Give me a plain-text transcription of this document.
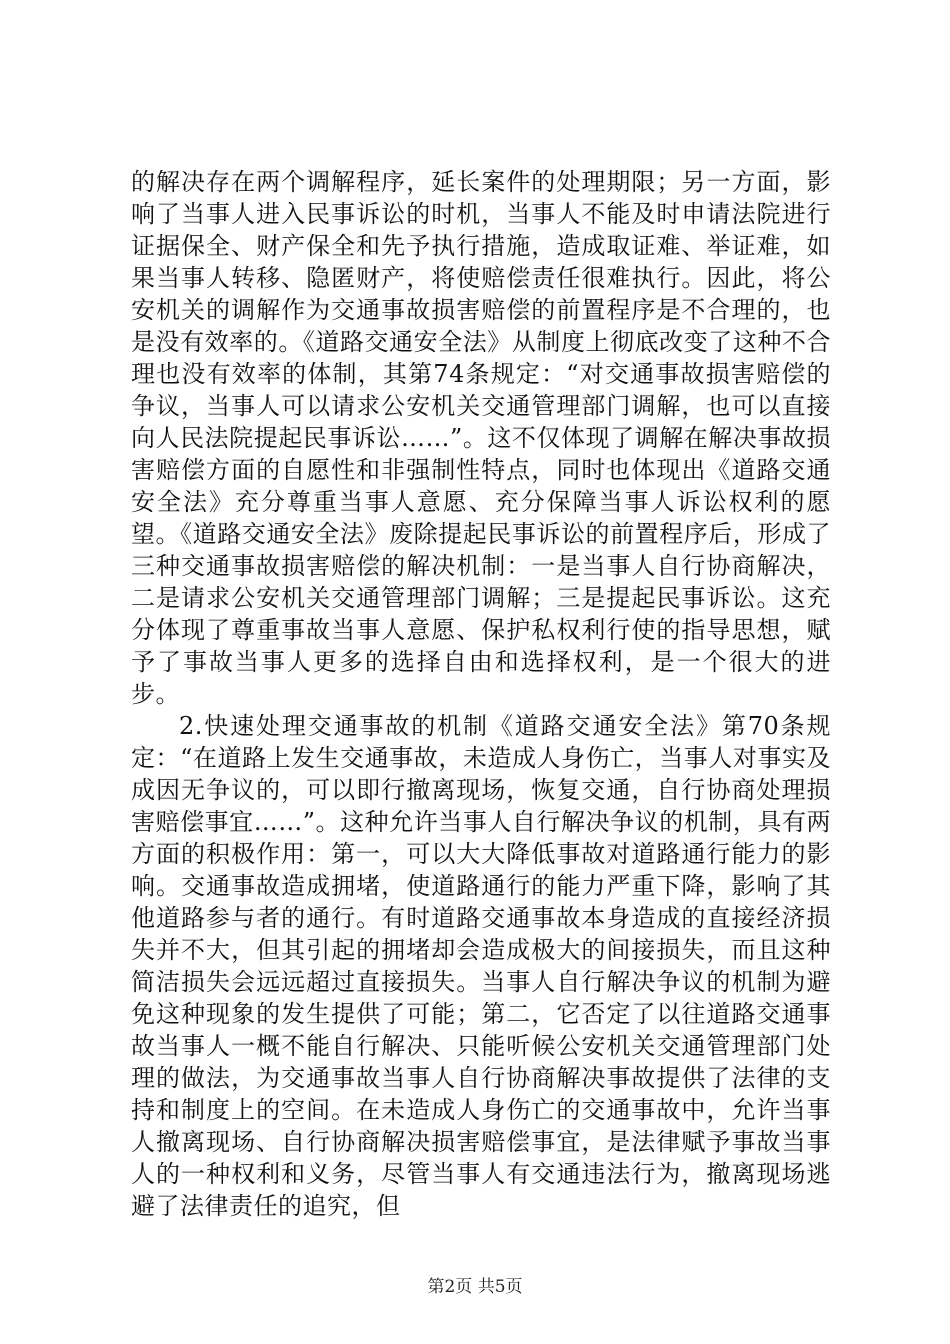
的解决存在两个调解程序，延长案件的处理期限；另一方面，影响了当事人进入民事诉讼的时机，当事人不能及时申请法院进行证据保全、财产保全和先予执行措施，造成取证难、举证难，如果当事人转移、隐匿财产，将使赔偿责任很难执行。因此，将公安机关的调解作为交通事故损害赔偿的前置程序是不合理的，也是没有效率的。《道路交通安全法》从制度上彻底改变了这种不合理也没有效率的体制，其第74条规定：“对交通事故损害赔偿的争议，当事人可以请求公安机关交通管理部门调解，也可以直接向人民法院提起民事诉讼……”。这不仅体现了调解在解决事故损害赔偿方面的自愿性和非强制性特点，同时也体现出《道路交通安全法》充分尊重当事人意愿、充分保障当事人诉讼权利的愿望。《道路交通安全法》废除提起民事诉讼的前置程序后，形成了三种交通事故损害赔偿的解决机制：一是当事人自行协商解决，二是请求公安机关交通管理部门调解；三是提起民事诉讼。这充分体现了尊重事故当事人意愿、保护私权利行使的指导思想，赋予了事故当事人更多的选择自由和选择权利，是一个很大的进步。

2.快速处理交通事故的机制《道路交通安全法》第70条规定：“在道路上发生交通事故，未造成人身伤亡，当事人对事实及成因无争议的，可以即行撤离现场，恢复交通，自行协商处理损害赔偿事宜……”。这种允许当事人自行解决争议的机制，具有两方面的积极作用：第一，可以大大降低事故对道路通行能力的影响。交通事故造成拥堵，使道路通行的能力严重下降，影响了其他道路参与者的通行。有时道路交通事故本身造成的直接经济损失并不大，但其引起的拥堵却会造成极大的间接损失，而且这种简洁损失会远远超过直接损失。当事人自行解决争议的机制为避免这种现象的发生提供了可能；第二，它否定了以往道路交通事故当事人一概不能自行解决、只能听候公安机关交通管理部门处理的做法，为交通事故当事人自行协商解决事故提供了法律的支持和制度上的空间。在未造成人身伤亡的交通事故中，允许当事人撤离现场、自行协商解决损害赔偿事宜，是法律赋予事故当事人的一种权利和义务，尽管当事人有交通违法行为，撤离现场逃避了法律责任的追究，但

第2页 共5页
